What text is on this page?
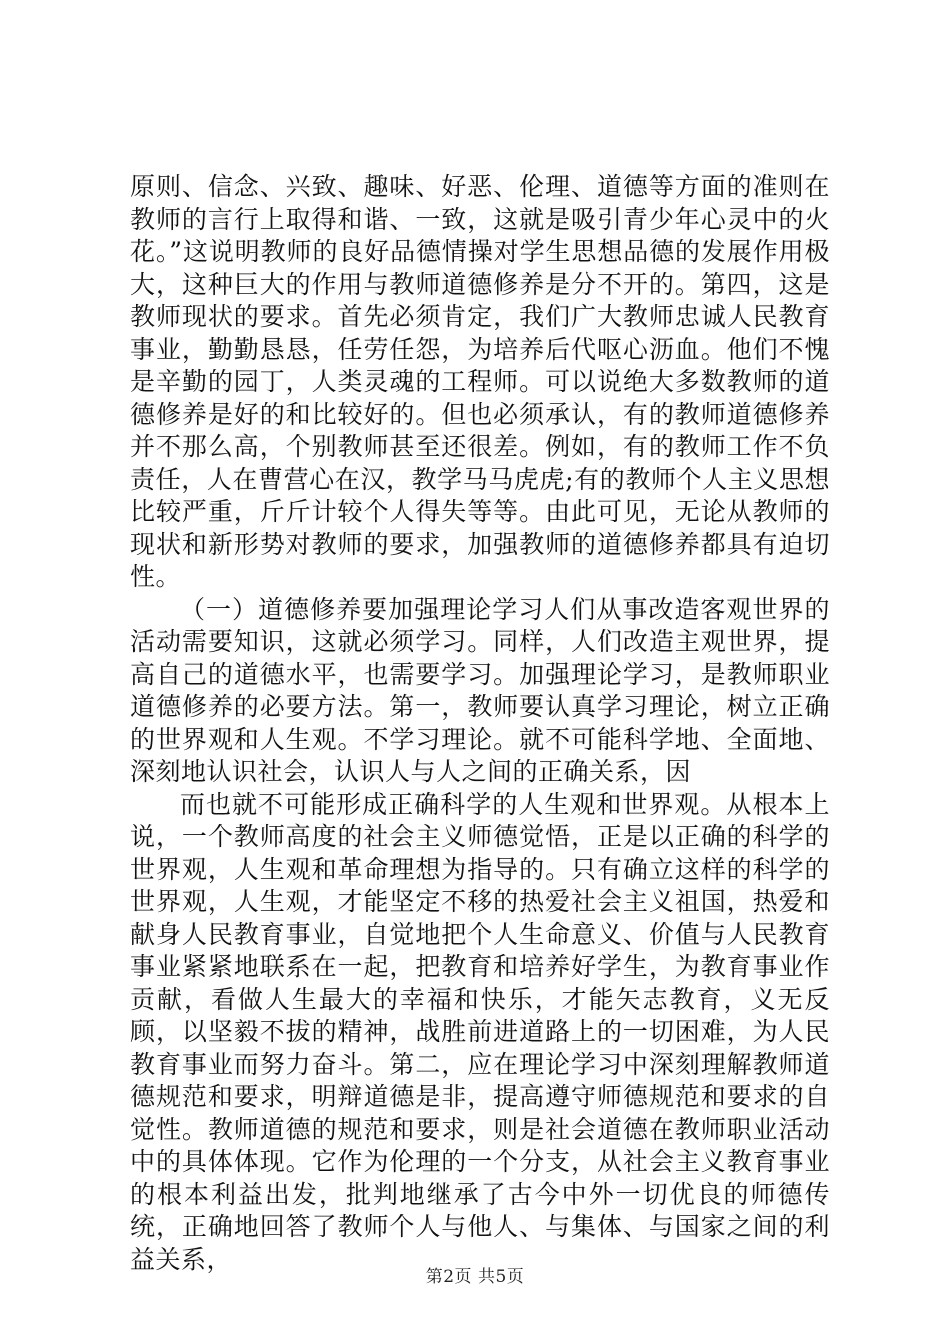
原则、信念、兴致、趣味、好恶、伦理、道德等方面的准则在教师的言行上取得和谐、一致，这就是吸引青少年心灵中的火花。”这说明教师的良好品德情操对学生思想品德的发展作用极大，这种巨大的作用与教师道德修养是分不开的。第四，这是教师现状的要求。首先必须肯定，我们广大教师忠诚人民教育事业，勤勤恳恳，任劳任怨，为培养后代呕心沥血。他们不愧是辛勤的园丁，人类灵魂的工程师。可以说绝大多数教师的道德修养是好的和比较好的。但也必须承认，有的教师道德修养并不那么高，个别教师甚至还很差。例如，有的教师工作不负责任，人在曹营心在汉，教学马马虎虎;有的教师个人主义思想比较严重，斤斤计较个人得失等等。由此可见，无论从教师的现状和新形势对教师的要求，加强教师的道德修养都具有迫切性。

（一）道德修养要加强理论学习人们从事改造客观世界的活动需要知识，这就必须学习。同样，人们改造主观世界，提高自己的道德水平，也需要学习。加强理论学习，是教师职业道德修养的必要方法。第一，教师要认真学习理论，树立正确的世界观和人生观。不学习理论。就不可能科学地、全面地、深刻地认识社会，认识人与人之间的正确关系，因

而也就不可能形成正确科学的人生观和世界观。从根本上说，一个教师高度的社会主义师德觉悟，正是以正确的科学的世界观，人生观和革命理想为指导的。只有确立这样的科学的世界观，人生观，才能坚定不移的热爱社会主义祖国，热爱和献身人民教育事业，自觉地把个人生命意义、价值与人民教育事业紧紧地联系在一起，把教育和培养好学生，为教育事业作贡献，看做人生最大的幸福和快乐，才能矢志教育，义无反顾，以坚毅不拔的精神，战胜前进道路上的一切困难，为人民教育事业而努力奋斗。第二，应在理论学习中深刻理解教师道德规范和要求，明辩道德是非，提高遵守师德规范和要求的自觉性。教师道德的规范和要求，则是社会道德在教师职业活动中的具体体现。它作为伦理的一个分支，从社会主义教育事业的根本利益出发，批判地继承了古今中外一切优良的师德传统，正确地回答了教师个人与他人、与集体、与国家之间的利益关系，

第2页 共5页
